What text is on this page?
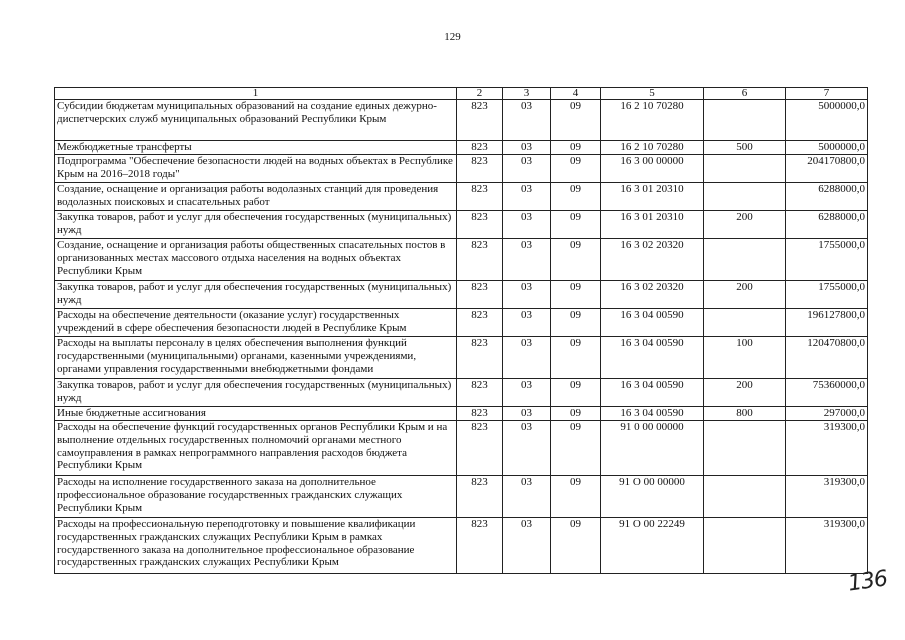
129
1	2	3	4	5	6	7
Субсидии бюджетам муниципальных образований на создание единых дежурно-диспетчерских служб муниципальных образований Республики Крым	823	03	09	16 2 10 70280		5000000,0
Межбюджетные трансферты	823	03	09	16 2 10 70280	500	5000000,0
Подпрограмма "Обеспечение безопасности людей на водных объектах в Республике Крым на 2016–2018 годы"	823	03	09	16 3 00 00000		204170800,0
Создание, оснащение и организация работы водолазных станций для проведения водолазных поисковых и спасательных работ	823	03	09	16 3 01 20310		6288000,0
Закупка товаров, работ и услуг для обеспечения государственных (муниципальных) нужд	823	03	09	16 3 01 20310	200	6288000,0
Создание, оснащение и организация работы общественных спасательных постов в организованных местах массового отдыха населения на водных объектах Республики Крым	823	03	09	16 3 02 20320		1755000,0
Закупка товаров, работ и услуг для обеспечения государственных (муниципальных) нужд	823	03	09	16 3 02 20320	200	1755000,0
Расходы на обеспечение деятельности (оказание услуг) государственных учреждений в сфере обеспечения безопасности людей в Республике Крым	823	03	09	16 3 04 00590		196127800,0
Расходы на выплаты персоналу в целях обеспечения выполнения функций государственными (муниципальными) органами, казенными учреждениями, органами управления государственными внебюджетными фондами	823	03	09	16 3 04 00590	100	120470800,0
Закупка товаров, работ и услуг для обеспечения государственных (муниципальных) нужд	823	03	09	16 3 04 00590	200	75360000,0
Иные бюджетные ассигнования	823	03	09	16 3 04 00590	800	297000,0
Расходы на обеспечение функций государственных органов Республики Крым и на выполнение отдельных государственных полномочий органами местного самоуправления в рамках непрограммного направления расходов бюджета Республики Крым	823	03	09	91 0 00 00000		319300,0
Расходы на исполнение государственного заказа на дополнительное профессиональное образование государственных гражданских служащих Республики Крым	823	03	09	91 О 00 00000		319300,0
Расходы на профессиональную переподготовку и повышение квалификации государственных гражданских служащих Республики Крым в рамках государственного заказа на дополнительное профессиональное образование государственных гражданских служащих Республики Крым	823	03	09	91 О 00 22249		319300,0
136
